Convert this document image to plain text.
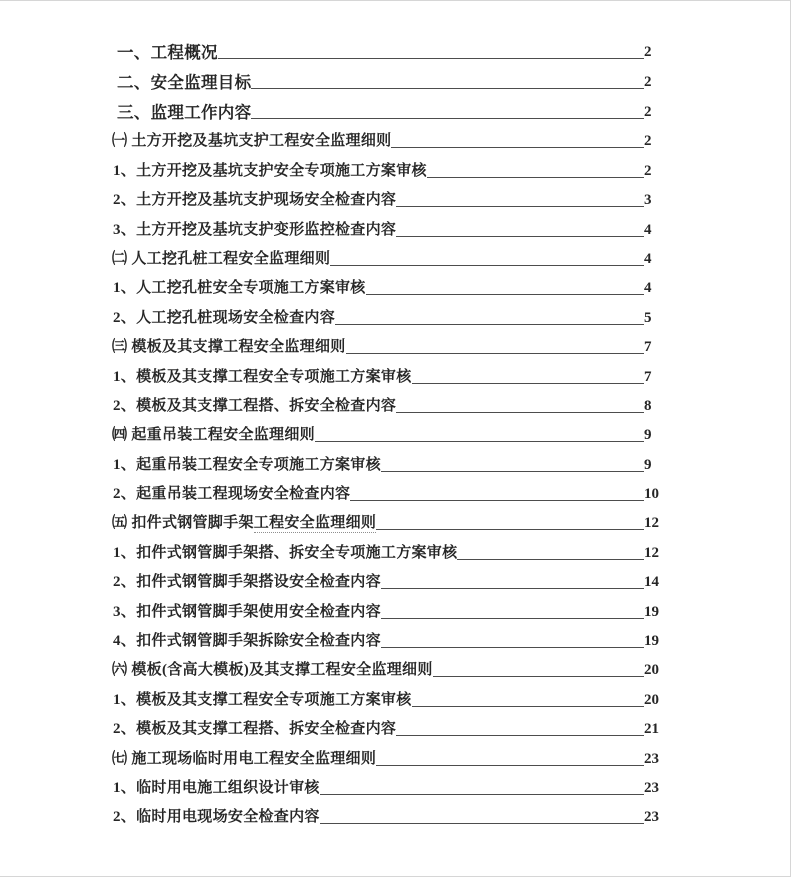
一、工程概况	2
二、安全监理目标	2
三、监理工作内容	2
㈠ 土方开挖及基坑支护工程安全监理细则	2
1、土方开挖及基坑支护安全专项施工方案审核	2
2、土方开挖及基坑支护现场安全检查内容	3
3、土方开挖及基坑支护变形监控检查内容	4
㈡ 人工挖孔桩工程安全监理细则	4
1、人工挖孔桩安全专项施工方案审核	4
2、人工挖孔桩现场安全检查内容	5
㈢ 模板及其支撑工程安全监理细则	7
1、模板及其支撑工程安全专项施工方案审核	7
2、模板及其支撑工程搭、拆安全检查内容	8
㈣ 起重吊装工程安全监理细则	9
1、起重吊装工程安全专项施工方案审核	9
2、起重吊装工程现场安全检查内容	10
㈤ 扣件式钢管脚手架工程安全监理细则	12
1、扣件式钢管脚手架搭、拆安全专项施工方案审核	12
2、扣件式钢管脚手架搭设安全检查内容	14
3、扣件式钢管脚手架使用安全检查内容	19
4、扣件式钢管脚手架拆除安全检查内容	19
㈥ 模板(含高大模板)及其支撑工程安全监理细则	20
1、模板及其支撑工程安全专项施工方案审核	20
2、模板及其支撑工程搭、拆安全检查内容	21
㈦ 施工现场临时用电工程安全监理细则	23
1、临时用电施工组织设计审核	23
2、临时用电现场安全检查内容	23
